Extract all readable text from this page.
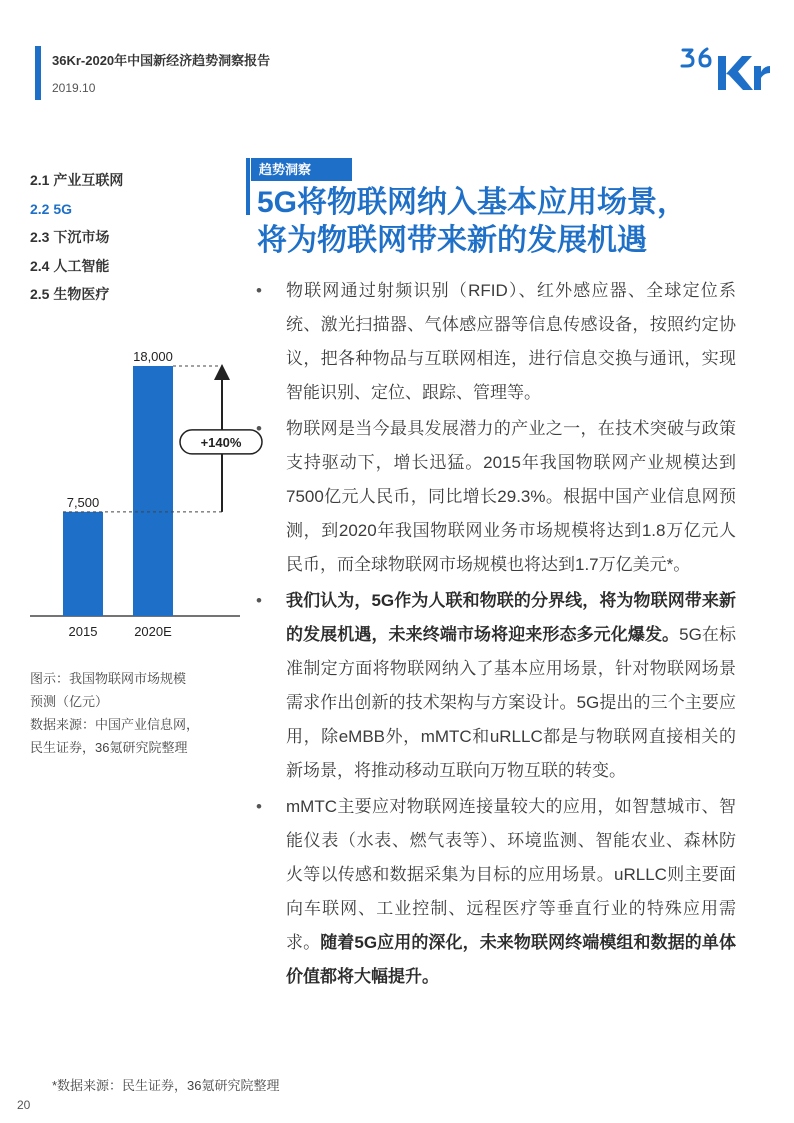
36Kr-2020年中国新经济趋势洞察报告
2019.10
2.1 产业互联网
2.2 5G
2.3 下沉市场
2.4 人工智能
2.5 生物医疗
7,500
2015
18,000
2020E
+140%
图示：我国物联网市场规模
预测（亿元）
数据来源：中国产业信息网，
民生证券，36氪研究院整理
趋势洞察
5G将物联网纳入基本应用场景，
将为物联网带来新的发展机遇
• 物联网通过射频识别（RFID）、红外感应器、全球定位系统、激光扫描器、气体感应器等信息传感设备，按照约定协议，把各种物品与互联网相连，进行信息交换与通讯，实现智能识别、定位、跟踪、管理等。
• 物联网是当今最具发展潜力的产业之一，在技术突破与政策支持驱动下，增长迅猛。2015年我国物联网产业规模达到7500亿元人民币，同比增长29.3%。根据中国产业信息网预测，到2020年我国物联网业务市场规模将达到1.8万亿元人民币，而全球物联网市场规模也将达到1.7万亿美元*。
• 我们认为，5G作为人联和物联的分界线，将为物联网带来新的发展机遇，未来终端市场将迎来形态多元化爆发。5G在标准制定方面将物联网纳入了基本应用场景，针对物联网场景需求作出创新的技术架构与方案设计。5G提出的三个主要应用，除eMBB外，mMTC和uRLLC都是与物联网直接相关的新场景，将推动移动互联向万物互联的转变。
• mMTC主要应对物联网连接量较大的应用，如智慧城市、智能仪表（水表、燃气表等）、环境监测、智能农业、森林防火等以传感和数据采集为目标的应用场景。uRLLC则主要面向车联网、工业控制、远程医疗等垂直行业的特殊应用需求。随着5G应用的深化，未来物联网终端模组和数据的单体价值都将大幅提升。
*数据来源：民生证券，36氪研究院整理
20
